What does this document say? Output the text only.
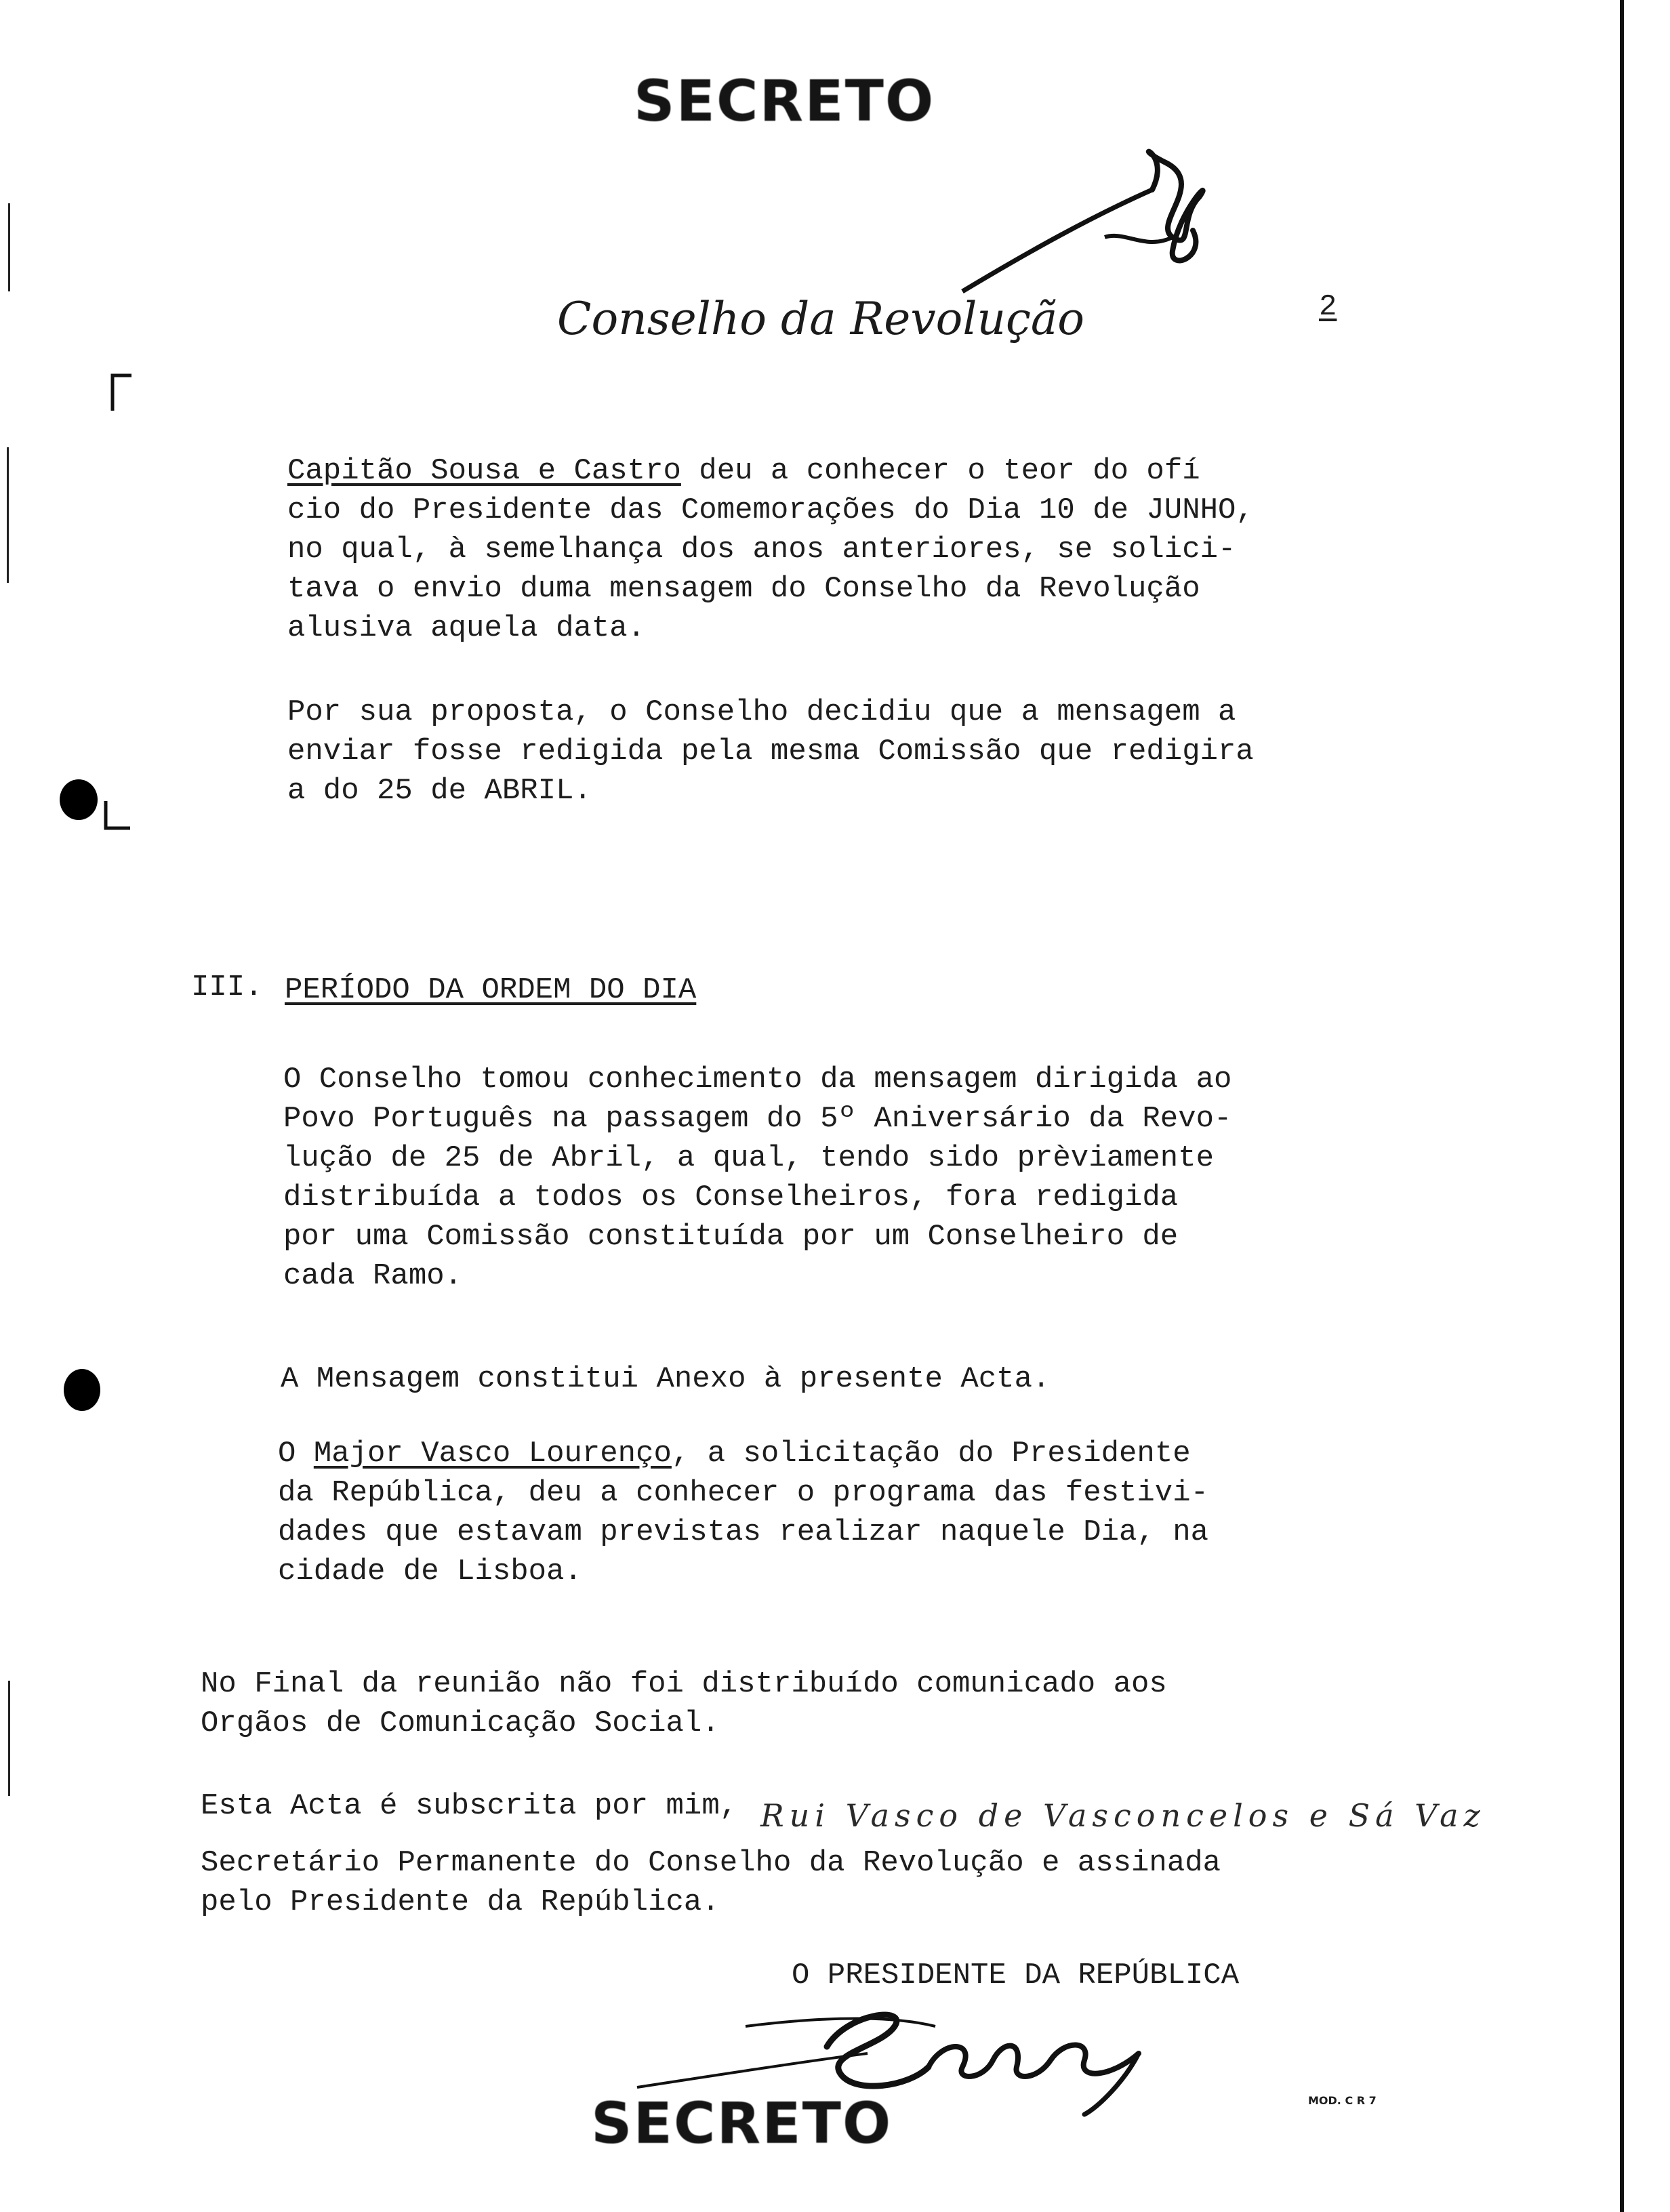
SECRETO
Conselho da Revolução	2
Capitão Sousa e Castro deu a conhecer o teor do ofí
cio do Presidente das Comemorações do Dia 10 de JUNHO,
no qual, à semelhança dos anos anteriores, se solici-
tava o envio duma mensagem do Conselho da Revolução
alusiva aquela data.
Por sua proposta, o Conselho decidiu que a mensagem a
enviar fosse redigida pela mesma Comissão que redigira
a do 25 de ABRIL.
III. PERÍODO DA ORDEM DO DIA
O Conselho tomou conhecimento da mensagem dirigida ao
Povo Português na passagem do 5º Aniversário da Revo-
lução de 25 de Abril, a qual, tendo sido prèviamente
distribuída a todos os Conselheiros, fora redigida
por uma Comissão constituída por um Conselheiro de
cada Ramo.
A Mensagem constitui Anexo à presente Acta.
O Major Vasco Lourenço, a solicitação do Presidente
da República, deu a conhecer o programa das festivi-
dades que estavam previstas realizar naquele Dia, na
cidade de Lisboa.
No Final da reunião não foi distribuído comunicado aos
Orgãos de Comunicação Social.
Esta Acta é subscrita por mim, Rui Vasco de Vasconcelos e Sá Vaz
Secretário Permanente do Conselho da Revolução e assinada
pelo Presidente da República.
O PRESIDENTE DA REPÚBLICA
SECRETO	MOD. C R 7
